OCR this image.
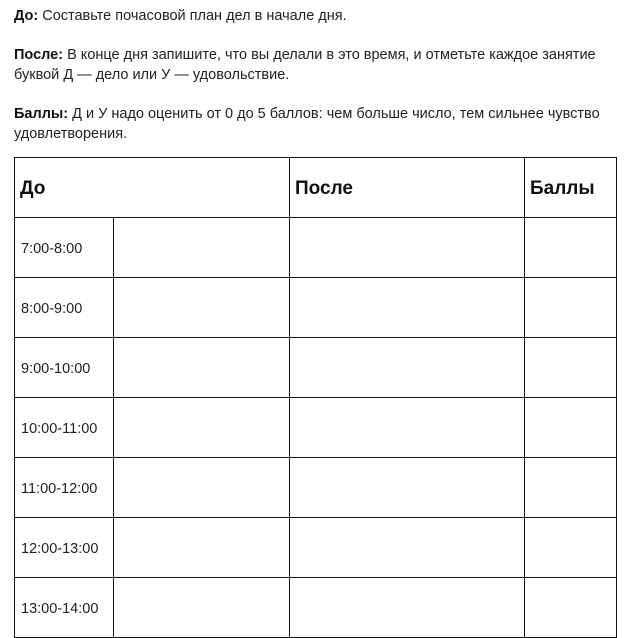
До: Составьте почасовой план дел в начале дня.

После: В конце дня запишите, что вы делали в это время, и отметьте каждое занятие буквой Д — дело или У — удовольствие.

Баллы: Д и У надо оценить от 0 до 5 баллов: чем больше число, тем сильнее чувство удовлетворения.

До		После	Баллы
7:00-8:00			
8:00-9:00			
9:00-10:00			
10:00-11:00			
11:00-12:00			
12:00-13:00			
13:00-14:00			
